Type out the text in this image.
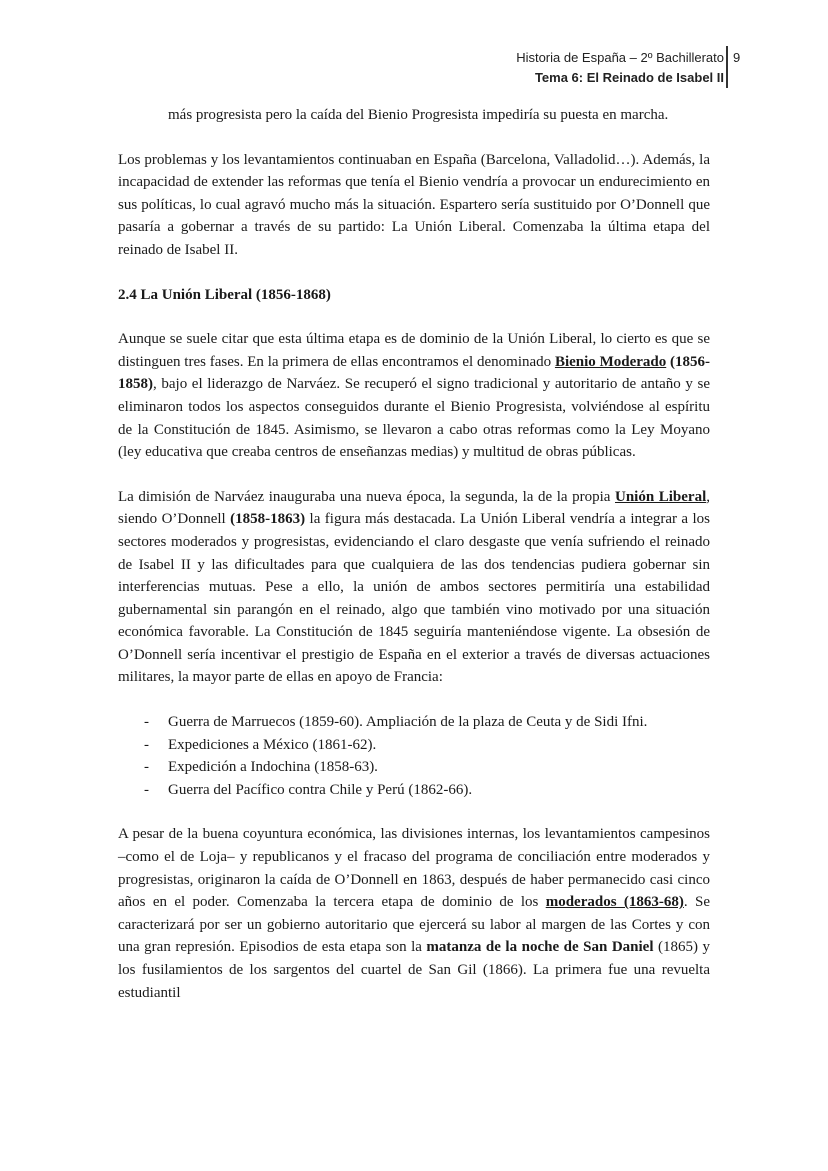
Historia de España – 2º Bachillerato
Tema 6: El Reinado de Isabel II
9

más progresista pero la caída del Bienio Progresista impediría su puesta en marcha.

Los problemas y los levantamientos continuaban en España (Barcelona, Valladolid…). Además, la incapacidad de extender las reformas que tenía el Bienio vendría a provocar un endurecimiento en sus políticas, lo cual agravó mucho más la situación. Espartero sería sustituido por O’Donnell que pasaría a gobernar a través de su partido: La Unión Liberal. Comenzaba la última etapa del reinado de Isabel II.

2.4 La Unión Liberal (1856-1868)

Aunque se suele citar que esta última etapa es de dominio de la Unión Liberal, lo cierto es que se distinguen tres fases. En la primera de ellas encontramos el denominado Bienio Moderado (1856-1858), bajo el liderazgo de Narváez. Se recuperó el signo tradicional y autoritario de antaño y se eliminaron todos los aspectos conseguidos durante el Bienio Progresista, volviéndose al espíritu de la Constitución de 1845. Asimismo, se llevaron a cabo otras reformas como la Ley Moyano (ley educativa que creaba centros de enseñanzas medias) y multitud de obras públicas.

La dimisión de Narváez inauguraba una nueva época, la segunda, la de la propia Unión Liberal, siendo O’Donnell (1858-1863) la figura más destacada. La Unión Liberal vendría a integrar a los sectores moderados y progresistas, evidenciando el claro desgaste que venía sufriendo el reinado de Isabel II y las dificultades para que cualquiera de las dos tendencias pudiera gobernar sin interferencias mutuas. Pese a ello, la unión de ambos sectores permitiría una estabilidad gubernamental sin parangón en el reinado, algo que también vino motivado por una situación económica favorable. La Constitución de 1845 seguiría manteniéndose vigente. La obsesión de O’Donnell sería incentivar el prestigio de España en el exterior a través de diversas actuaciones militares, la mayor parte de ellas en apoyo de Francia:

- Guerra de Marruecos (1859-60). Ampliación de la plaza de Ceuta y de Sidi Ifni.
- Expediciones a México (1861-62).
- Expedición a Indochina (1858-63).
- Guerra del Pacífico contra Chile y Perú (1862-66).

A pesar de la buena coyuntura económica, las divisiones internas, los levantamientos campesinos –como el de Loja– y republicanos y el fracaso del programa de conciliación entre moderados y progresistas, originaron la caída de O’Donnell en 1863, después de haber permanecido casi cinco años en el poder. Comenzaba la tercera etapa de dominio de los moderados (1863-68). Se caracterizará por ser un gobierno autoritario que ejercerá su labor al margen de las Cortes y con una gran represión. Episodios de esta etapa son la matanza de la noche de San Daniel (1865) y los fusilamientos de los sargentos del cuartel de San Gil (1866). La primera fue una revuelta estudiantil
